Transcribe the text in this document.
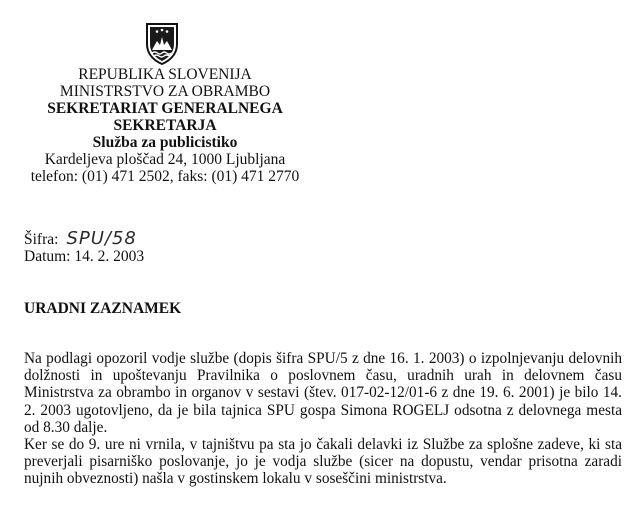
REPUBLIKA SLOVENIJA
MINISTRSTVO ZA OBRAMBO
SEKRETARIAT GENERALNEGA
SEKRETARJA
Služba za publicistiko
Kardeljeva ploščad 24, 1000 Ljubljana
telefon: (01) 471 2502, faks: (01) 471 2770
Šifra: SPU/58
Datum: 14. 2. 2003
URADNI ZAZNAMEK

Na podlagi opozoril vodje službe (dopis šifra SPU/5 z dne 16. 1. 2003) o izpolnjevanju delovnih dolžnosti in upoštevanju Pravilnika o poslovnem času, uradnih urah in delovnem času Ministrstva za obrambo in organov v sestavi (štev. 017-02-12/01-6 z dne 19. 6. 2001) je bilo 14. 2. 2003 ugotovljeno, da je bila tajnica SPU gospa Simona ROGELJ odsotna z delovnega mesta od 8.30 dalje.

Ker se do 9. ure ni vrnila, v tajništvu pa sta jo čakali delavki iz Službe za splošne zadeve, ki sta preverjali pisarniško poslovanje, jo je vodja službe (sicer na dopustu, vendar prisotna zaradi nujnih obveznosti) našla v gostinskem lokalu v soseščini ministrstva.
